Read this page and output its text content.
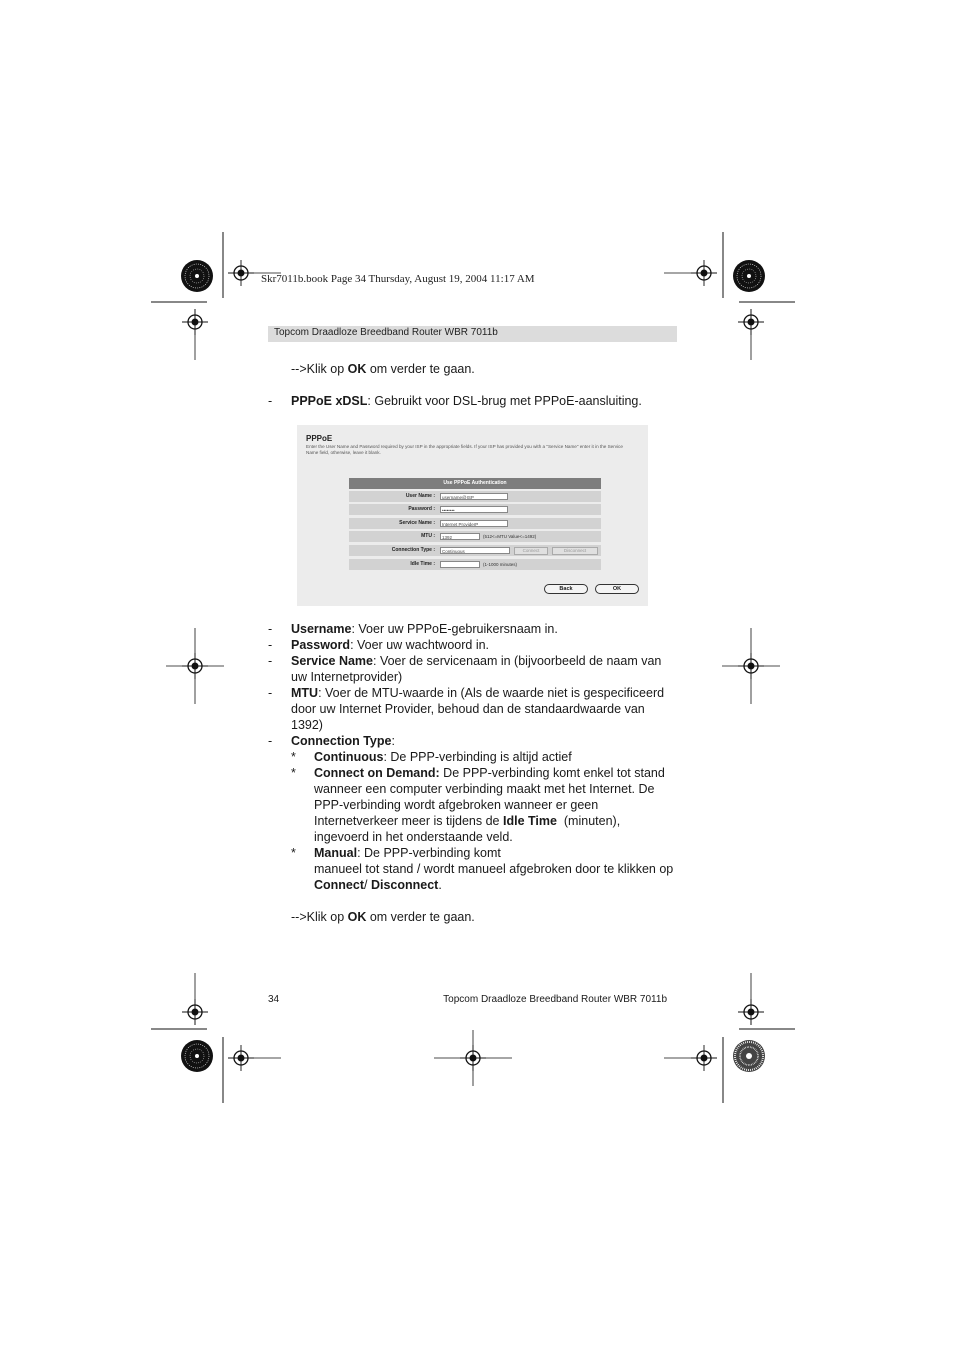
Skr7011b.book Page 34 Thursday, August 19, 2004 11:17 AM
Topcom Draadloze Breedband Router WBR 7011b
-->Klik op OK om verder te gaan.
- PPPoE xDSL: Gebruikt voor DSL-brug met PPPoE-aansluiting.
PPPoE
Enter the User Name and Password required by your ISP in the appropriate fields. If your ISP has provided you with a "Service Name" enter it in the Service Name field, otherwise, leave it blank.
Use PPPoE Authentication
User Name :	username@ISP
Password :	••••••••
Service Name :	Internet ProviderP
MTU :	1392	(512<=MTU Value<=1492)
Connection Type :	Continuous	Connect	Disconnect
Idle Time :	(1-1000 minutes)
Back	OK
- Username: Voer uw PPPoE-gebruikersnaam in.
- Password: Voer uw wachtwoord in.
- Service Name: Voer de servicenaam in (bijvoorbeeld de naam van
uw Internetprovider)
- MTU: Voer de MTU-waarde in (Als de waarde niet is gespecificeerd
door uw Internet Provider, behoud dan de standaardwaarde van
1392)
- Connection Type:
* Continuous: De PPP-verbinding is altijd actief
* Connect on Demand: De PPP-verbinding komt enkel tot stand
wanneer een computer verbinding maakt met het Internet. De
PPP-verbinding wordt afgebroken wanneer er geen
Internetverkeer meer is tijdens de Idle Time  (minuten),
ingevoerd in het onderstaande veld.
* Manual: De PPP-verbinding komt
manueel tot stand / wordt manueel afgebroken door te klikken op
Connect/ Disconnect.
-->Klik op OK om verder te gaan.
34	Topcom Draadloze Breedband Router WBR 7011b
